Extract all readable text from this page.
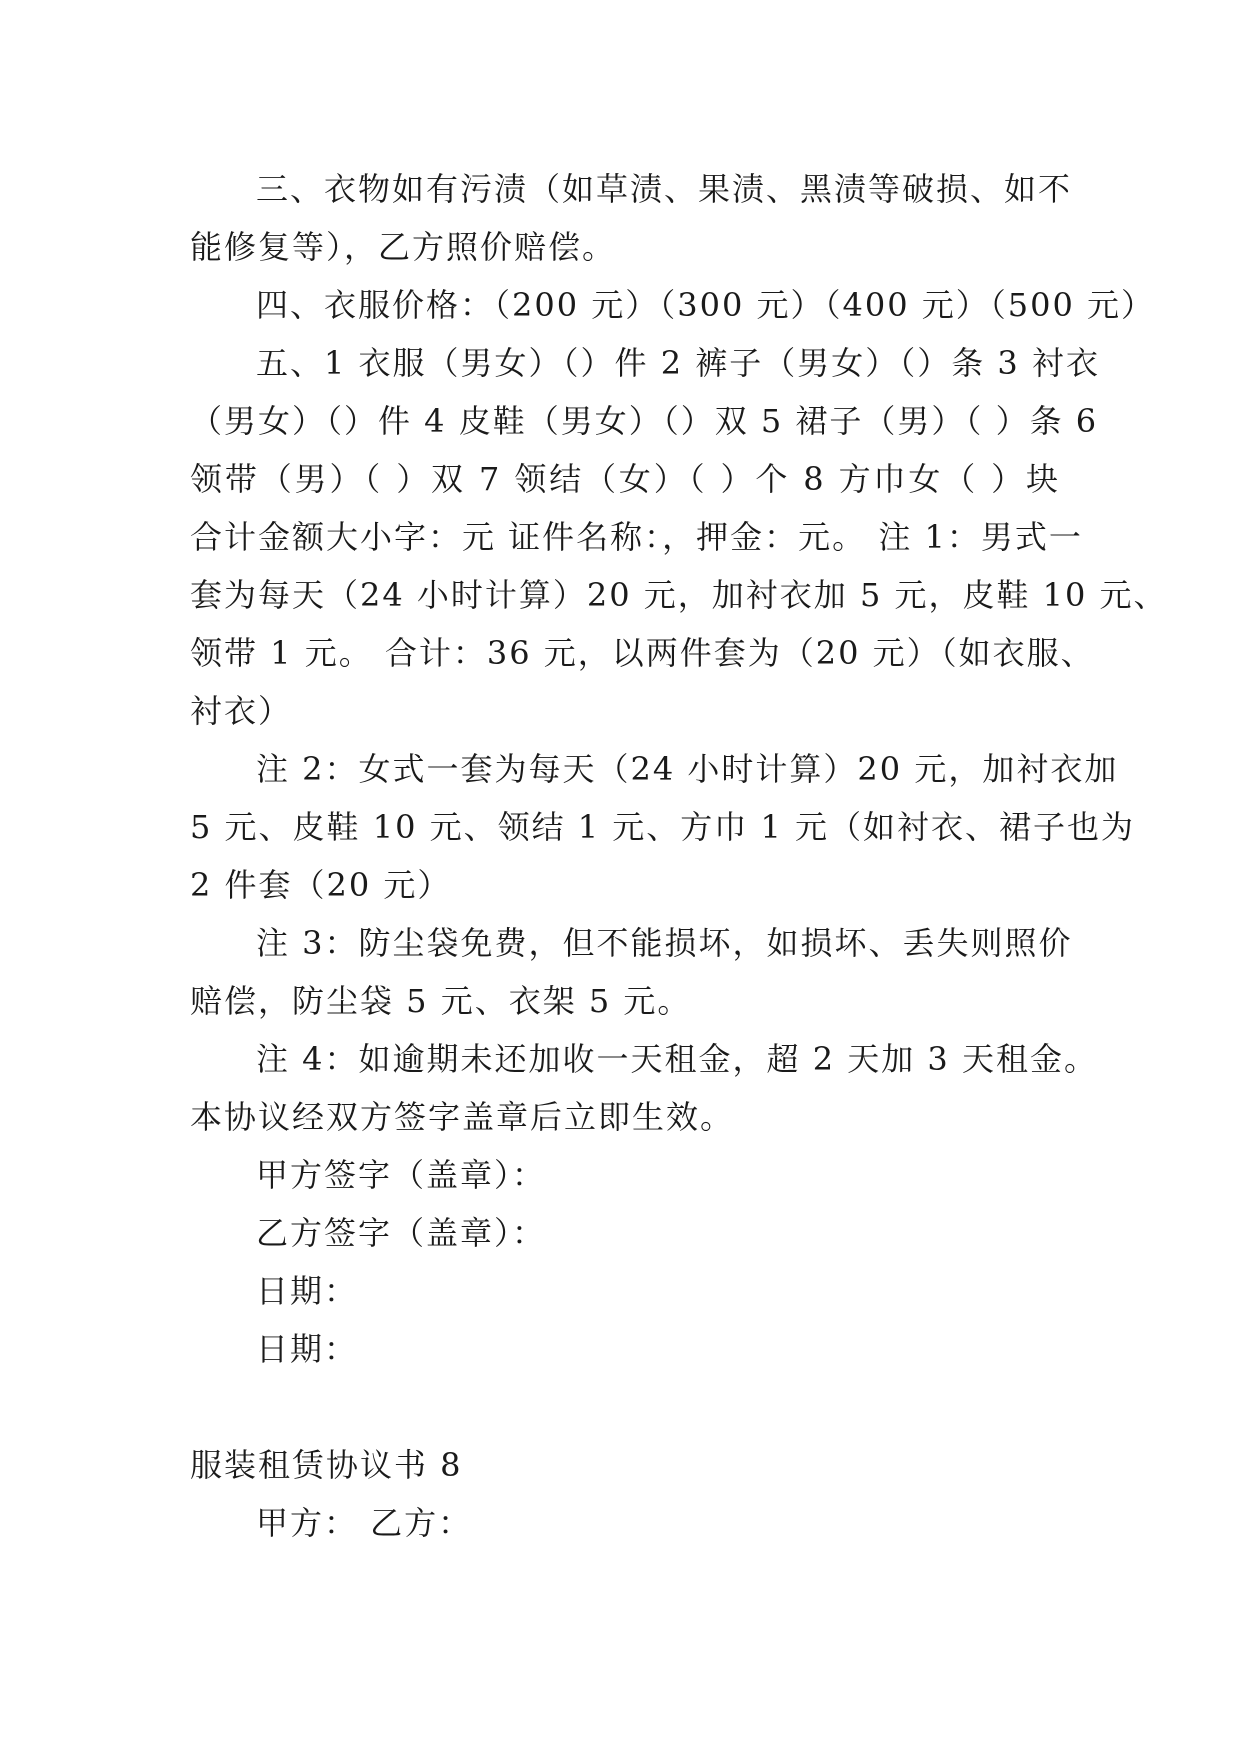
三、衣物如有污渍（如草渍、果渍、黑渍等破损、如不
能修复等），乙方照价赔偿。
四、衣服价格：（200 元）（300 元）（400 元）（500 元）
五、1 衣服（男女）（）件 2 裤子（男女）（）条 3 衬衣
（男女）（）件 4 皮鞋（男女）（）双 5 裙子（男）（ ）条 6
领带（男）（ ）双 7 领结（女）（ ）个 8 方巾女（ ）块
合计金额大小字：元 证件名称：，押金：元。 注 1：男式一
套为每天（24 小时计算）20 元，加衬衣加 5 元，皮鞋 10 元、
领带 1 元。 合计：36 元，以两件套为（20 元）（如衣服、
衬衣）
注 2：女式一套为每天（24 小时计算）20 元，加衬衣加
5 元、皮鞋 10 元、领结 1 元、方巾 1 元（如衬衣、裙子也为
2 件套（20 元）
注 3：防尘袋免费，但不能损坏，如损坏、丢失则照价
赔偿，防尘袋 5 元、衣架 5 元。
注 4：如逾期未还加收一天租金，超 2 天加 3 天租金。
本协议经双方签字盖章后立即生效。
甲方签字（盖章）：
乙方签字（盖章）：
日期：
日期：
服装租赁协议书 8
甲方： 乙方：
